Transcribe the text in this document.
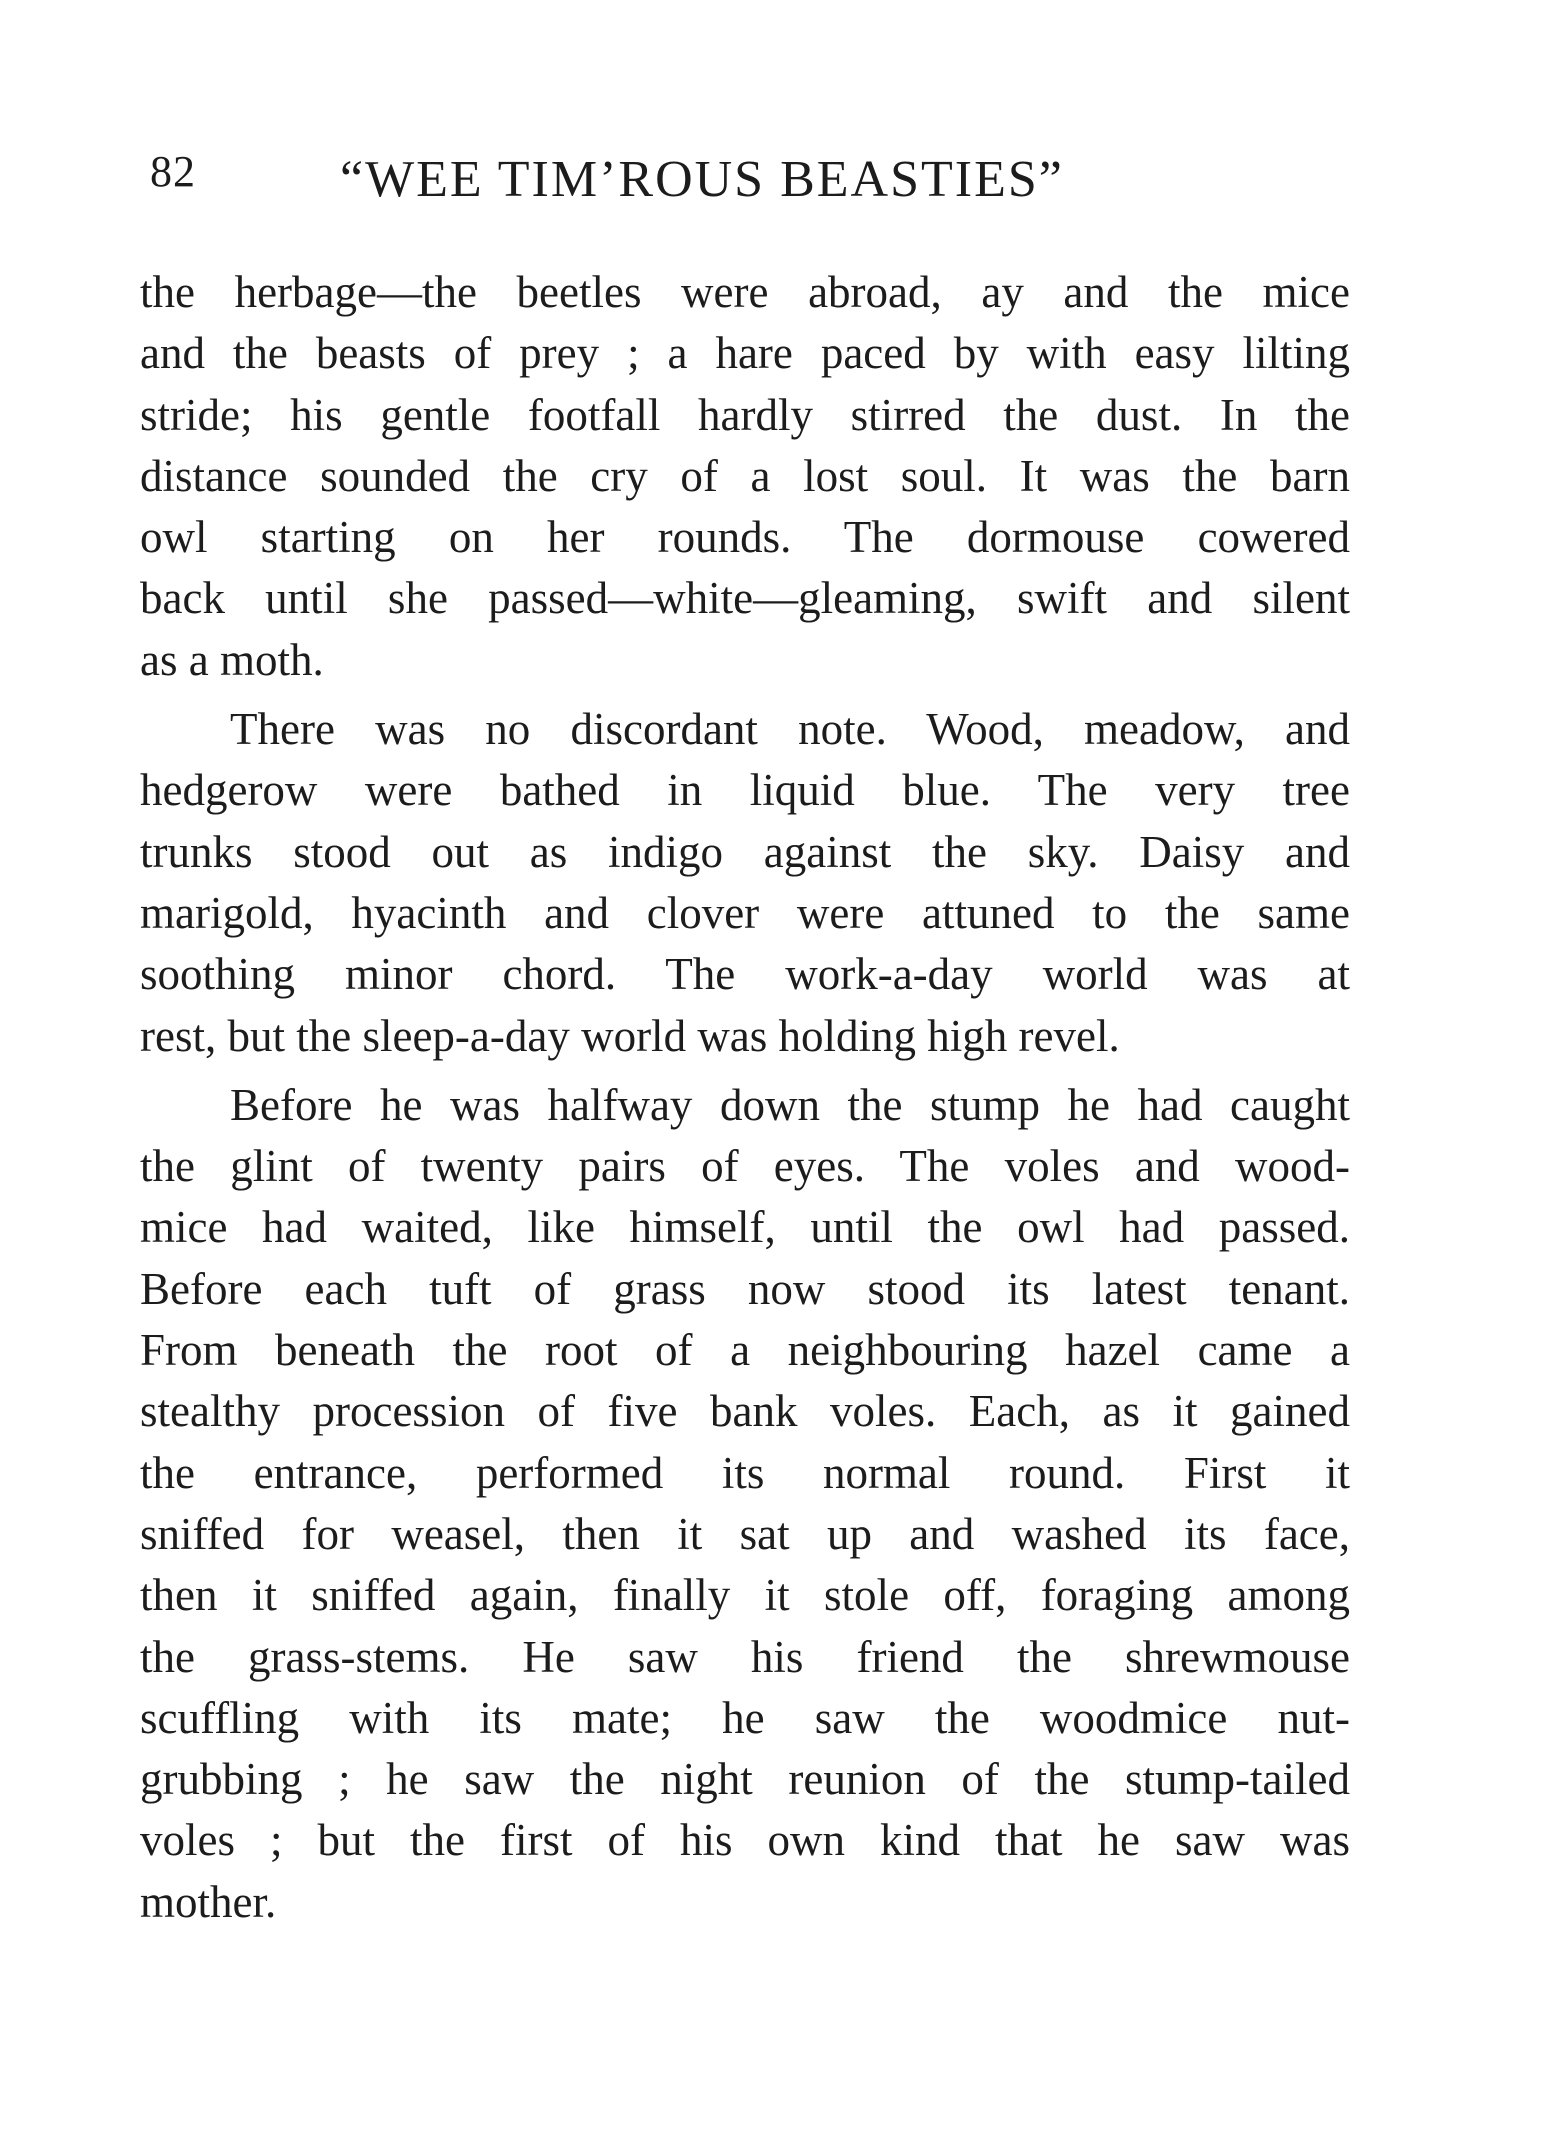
82	“WEE TIM’ROUS BEASTIES”
the herbage—the beetles were abroad, ay and the mice
and the beasts of prey ; a hare paced by with easy lilting
stride; his gentle footfall hardly stirred the dust. In the
distance sounded the cry of a lost soul. It was the barn
owl starting on her rounds. The dormouse cowered
back until she passed—white—gleaming, swift and silent
as a moth.
There was no discordant note. Wood, meadow, and
hedgerow were bathed in liquid blue. The very tree
trunks stood out as indigo against the sky. Daisy and
marigold, hyacinth and clover were attuned to the same
soothing minor chord. The work-a-day world was at
rest, but the sleep-a-day world was holding high revel.
Before he was halfway down the stump he had caught
the glint of twenty pairs of eyes. The voles and wood-
mice had waited, like himself, until the owl had passed.
Before each tuft of grass now stood its latest tenant.
From beneath the root of a neighbouring hazel came a
stealthy procession of five bank voles. Each, as it gained
the entrance, performed its normal round. First it
sniffed for weasel, then it sat up and washed its face,
then it sniffed again, finally it stole off, foraging among
the grass-stems. He saw his friend the shrewmouse
scuffling with its mate; he saw the woodmice nut-
grubbing ; he saw the night reunion of the stump-tailed
voles ; but the first of his own kind that he saw was
mother.
